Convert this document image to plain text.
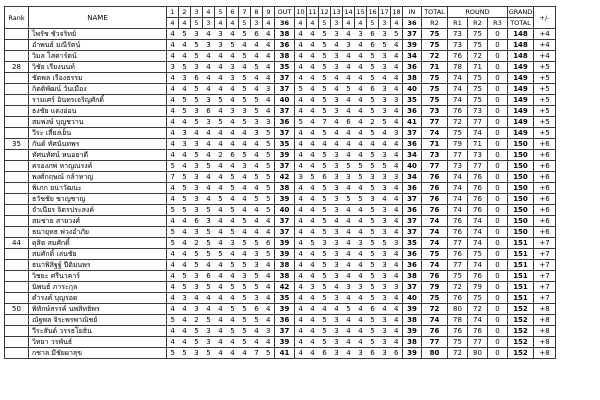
Rank	NAME	1	2	3	4	5	6	7	8	9	OUT	10	11	12	13	14	15	16	17	18	IN	TOTAL	ROUND			GRAND	+/-
		4	4	5	3	4	4	5	3	4	36	4	4	5	3	4	4	5	3	4	36	R2	R1	R2	R3	TOTAL	
	ไพรัช ชัวจริทย์	4	5	3	4	3	4	5	6	4	38	4	4	5	3	4	3	6	3	5	37	75	73	75	0	148	+4
	อำพนธ์ มณีรัตน์	4	4	5	3	3	5	4	4	4	36	4	4	5	4	3	4	6	5	4	39	75	73	75	0	148	+4
	วิมล โสตาร์ตน์	4	4	5	4	4	4	5	4	4	38	4	4	5	3	4	4	5	3	4	34	72	76	72	0	148	+4
28	วิชัย เรียงนนท์	3	5	3	4	4	3	4	5	4	35	4	4	5	3	4	4	5	3	4	36	71	78	71	0	149	+5
	ชัดพล เรืองธรรม	4	3	6	4	4	3	5	4	4	37	4	4	5	4	4	4	5	4	4	38	75	74	75	0	149	+5
	กิตติพัฒน์ วันเมือง	4	4	5	4	4	4	5	4	3	37	5	4	5	4	5	4	6	3	4	40	75	74	75	0	149	+5
	รามเศร์ อินทรเจริญศักดิ์	4	5	5	3	5	4	5	5	4	40	4	4	5	3	4	4	5	3	3	35	75	74	75	0	149	+5
	ธงชัย แดงอ่อน	4	5	3	6	4	3	3	5	4	37	4	4	5	3	4	4	5	3	4	36	73	76	73	0	149	+5
	สมพงษ์ บุญชวาน	4	4	5	3	5	4	5	3	3	36	5	4	7	4	6	4	2	5	4	41	77	72	77	0	149	+5
	วีระ เสี่ยงเย็น	4	3	4	4	4	4	4	3	5	37	4	4	5	4	4	4	5	4	3	37	74	75	74	0	149	+5
35	กันต์ ทัศนันทพร	4	3	3	4	4	4	4	4	5	35	4	4	4	4	4	4	4	4	4	36	71	79	71	0	150	+6
	ทัศนทัศน์ หนอยาดี	4	4	5	4	2	6	5	4	5	39	4	4	5	3	4	4	5	3	4	34	73	77	73	0	150	+6
	ครองภพ หาญณรงค์	5	4	3	5	4	4	3	4	5	37	4	4	5	3	5	5	5	5	4	40	77	73	77	0	150	+6
	พงศ์กฤษณ์ กล้าหาญ	7	5	3	4	4	5	4	5	5	42	3	5	6	3	3	5	3	3	3	34	76	74	76	0	150	+6
	พิเภก ยนาวัฒนะ	4	5	3	4	4	5	4	4	5	38	4	4	5	3	4	4	5	3	4	36	76	74	76	0	150	+6
	ธวัชชัย ชาญชาญ	4	5	3	4	5	4	4	5	5	39	4	4	5	3	5	5	3	4	4	37	76	74	76	0	150	+6
	จำเนียร จิตรประสงค์	5	5	3	5	4	5	4	4	5	40	4	4	5	3	4	4	5	3	4	36	76	74	76	0	150	+6
	สมชาย สายวงศ์	4	4	6	3	4	4	5	4	4	37	4	4	5	4	4	4	5	3	4	37	74	76	74	0	150	+6
	ธนายุทธ พ่วงอำภัย	5	4	3	5	4	5	4	4	4	37	4	4	5	3	4	4	5	3	4	37	74	76	74	0	150	+6
44	ดุสิต สมศักดิ์	5	4	2	5	4	3	5	5	6	39	4	5	3	3	4	3	5	5	3	35	74	77	74	0	151	+7
	สมศักดิ์ เล่นชัย	4	4	5	5	5	4	4	3	5	39	4	4	5	3	4	4	5	3	4	36	75	76	75	0	151	+7
	ธนาพิสิฐฐ์ ปีติมนพร	4	4	5	4	4	5	5	3	4	38	4	4	5	3	4	4	5	3	4	36	74	77	74	0	151	+7
	วิชยะ ศรีนาคาร์	4	5	3	6	4	4	3	5	4	38	4	4	5	3	4	4	5	3	4	38	76	75	76	0	151	+7
	นิพนธ์ ภาระกุล	4	5	3	5	4	5	5	5	4	42	4	3	5	4	3	3	5	3	3	37	79	72	79	0	151	+7
	ดำรงค์ บุญรอด	4	3	4	4	4	4	5	3	4	35	4	4	5	3	4	4	5	3	4	40	75	76	75	0	151	+7
50	พิทักษ์สรรค์ นพสิทธิพร	4	4	3	4	4	5	5	6	4	39	4	4	4	4	5	4	6	4	4	39	72	80	72	0	152	+8
	ณัฐพล จิระพรพาณิชย์	5	4	2	5	4	4	5	5	4	36	4	4	5	3	4	4	5	3	4	38	74	78	74	0	152	+8
	วีระสันต์ วรรธโยธิน	4	4	5	3	4	5	5	4	3	37	4	4	5	3	4	4	5	3	4	39	76	76	76	0	152	+8
	วิทยา วรพันธ์	4	4	5	3	4	4	5	4	4	39	4	4	5	3	4	4	5	3	4	38	77	75	77	0	152	+8
	กชาล มีชัยผาสุข	5	5	3	5	4	4	4	7	5	41	4	4	6	3	4	3	6	3	6	39	80	72	80	0	152	+8
